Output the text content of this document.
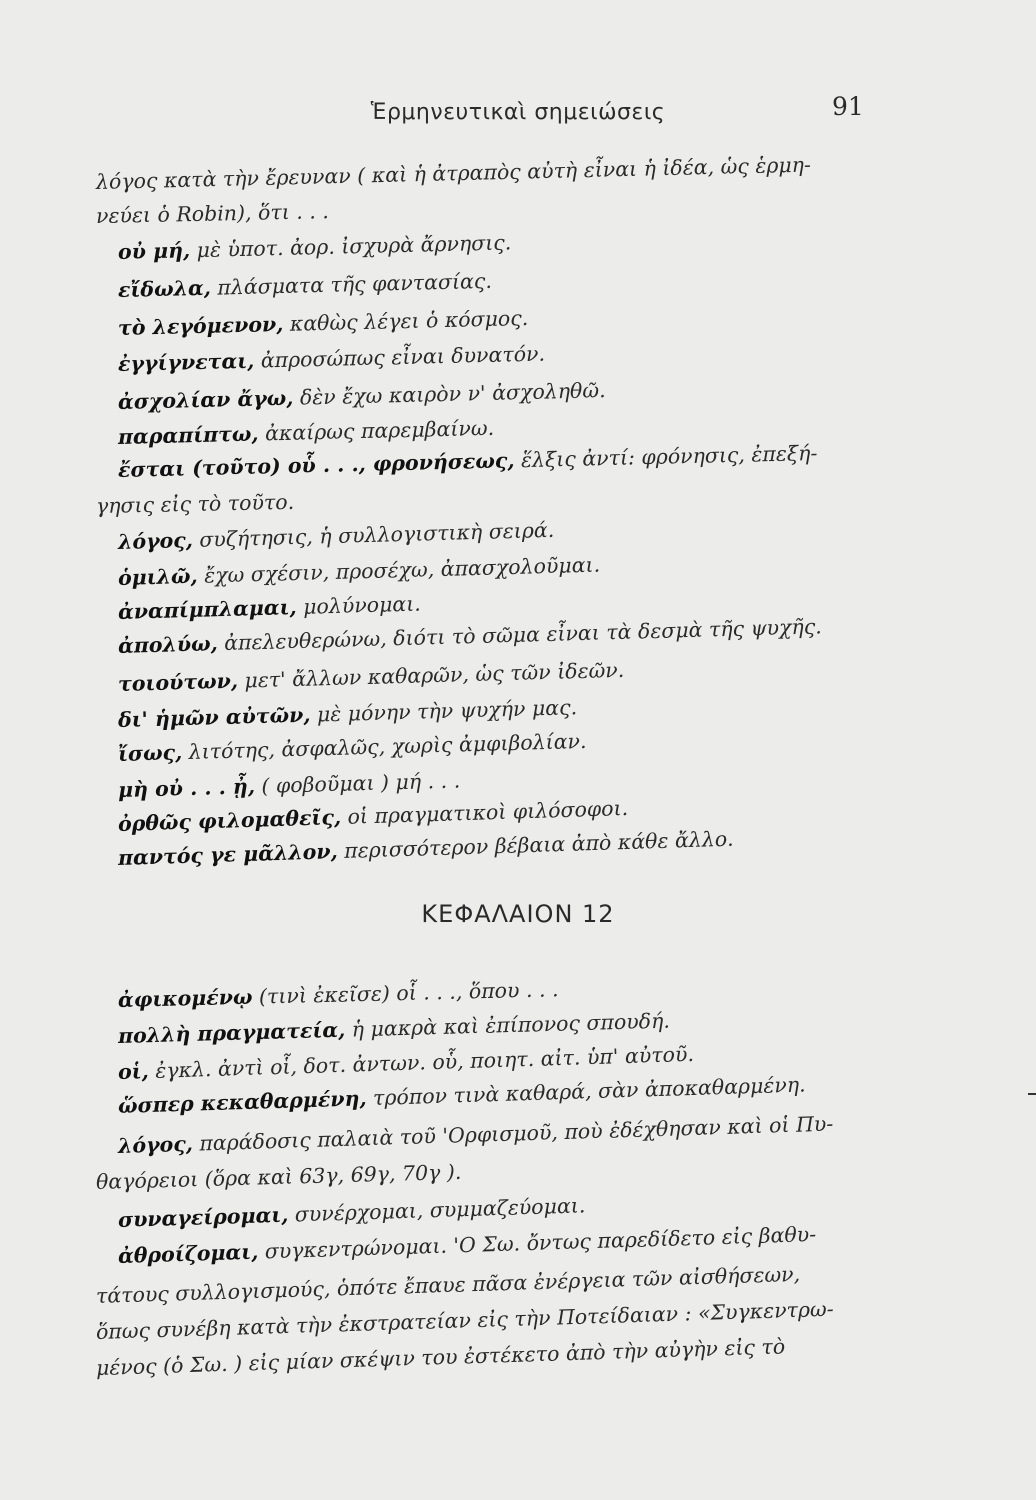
Ἑρμηνευτικαὶ σημειώσεις	91
λόγος κατὰ τὴν ἔρευναν ( καὶ ἡ ἀτραπὸς αὐτὴ εἶναι ἡ ἰδέα, ὡς ἑρμη-
νεύει ὁ Robin), ὅτι . . .
οὐ μή, μὲ ὑποτ. ἀορ. ἰσχυρὰ ἄρνησις.
εἴδωλα, πλάσματα τῆς φαντασίας.
τὸ λεγόμενον, καθὼς λέγει ὁ κόσμος.
ἐγγίγνεται, ἀπροσώπως εἶναι δυνατόν.
ἀσχολίαν ἄγω, δὲν ἔχω καιρὸν ν' ἀσχοληθῶ.
παραπίπτω, ἀκαίρως παρεμβαίνω.
ἔσται (τοῦτο) οὗ . . ., φρονήσεως, ἕλξις ἀντί: φρόνησις, ἐπεξή-
γησις εἰς τὸ τοῦτο.
λόγος, συζήτησις, ἡ συλλογιστικὴ σειρά.
ὁμιλῶ, ἔχω σχέσιν, προσέχω, ἀπασχολοῦμαι.
ἀναπίμπλαμαι, μολύνομαι.
ἀπολύω, ἀπελευθερώνω, διότι τὸ σῶμα εἶναι τὰ δεσμὰ τῆς ψυχῆς.
τοιούτων, μετ' ἄλλων καθαρῶν, ὡς τῶν ἰδεῶν.
δι' ἡμῶν αὐτῶν, μὲ μόνην τὴν ψυχήν μας.
ἴσως, λιτότης, ἀσφαλῶς, χωρὶς ἀμφιβολίαν.
μὴ οὐ . . . ᾖ, ( φοβοῦμαι ) μή . . .
ὀρθῶς φιλομαθεῖς, οἱ πραγματικοὶ φιλόσοφοι.
παντός γε μᾶλλον, περισσότερον βέβαια ἀπὸ κάθε ἄλλο.
ΚΕΦΑΛΑΙΟΝ 12
ἀφικομένῳ (τινὶ ἐκεῖσε) οἷ . . ., ὅπου . . .
πολλὴ πραγματεία, ἡ μακρὰ καὶ ἐπίπονος σπουδή.
οἱ, ἐγκλ. ἀντὶ οἷ, δοτ. ἀντων. οὗ, ποιητ. αἰτ. ὑπ' αὐτοῦ.
ὥσπερ κεκαθαρμένη, τρόπον τινὰ καθαρά, σὰν ἀποκαθαρμένη.
λόγος, παράδοσις παλαιὰ τοῦ 'Ορφισμοῦ, ποὺ ἐδέχθησαν καὶ οἱ Πυ-
θαγόρειοι (ὅρα καὶ 63γ, 69γ, 70γ ).
συναγείρομαι, συνέρχομαι, συμμαζεύομαι.
ἀθροίζομαι, συγκεντρώνομαι. 'Ο Σω. ὄντως παρεδίδετο εἰς βαθυ-
τάτους συλλογισμούς, ὁπότε ἔπαυε πᾶσα ἐνέργεια τῶν αἰσθήσεων,
ὅπως συνέβη κατὰ τὴν ἐκστρατείαν εἰς τὴν Ποτείδαιαν : «Συγκεντρω-
μένος (ὁ Σω. ) εἰς μίαν σκέψιν του ἐστέκετο ἀπὸ τὴν αὐγὴν εἰς τὸ
